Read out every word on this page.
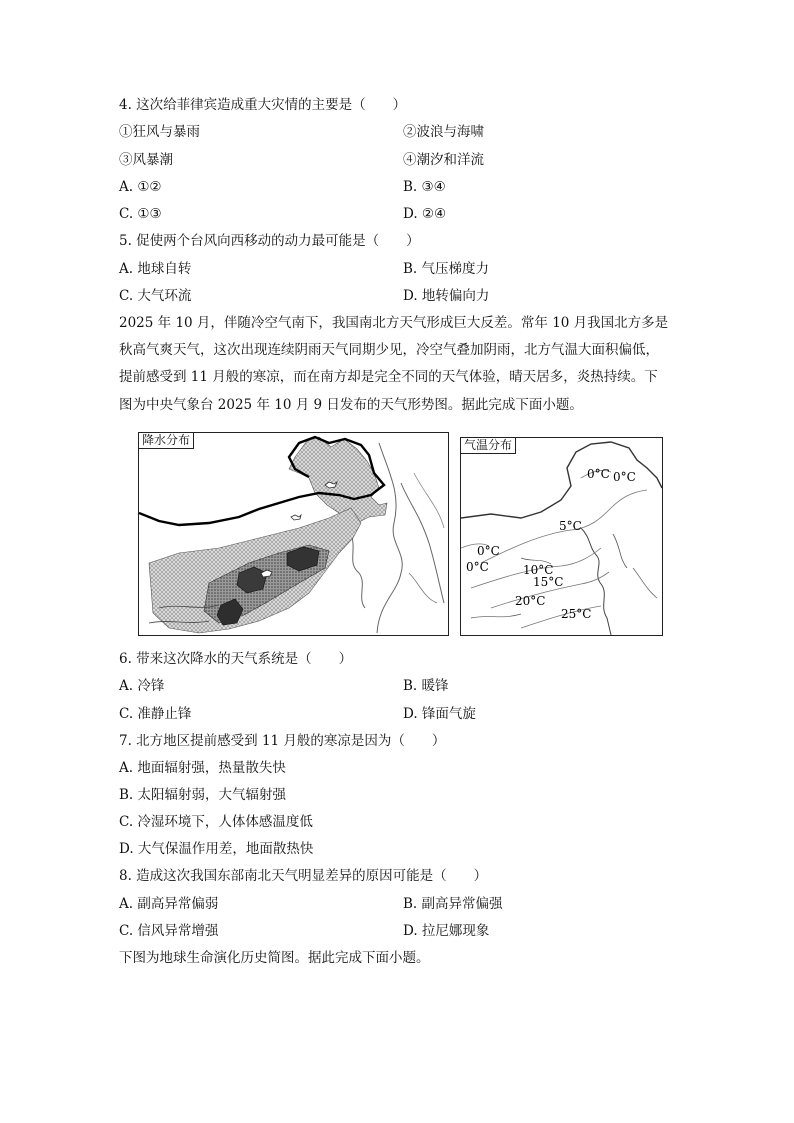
4. 这次给菲律宾造成重大灾情的主要是（　　）
①狂风与暴雨	②波浪与海啸
③风暴潮	④潮汐和洋流
A. ①②	B. ③④
C. ①③	D. ②④
5. 促使两个台风向西移动的动力最可能是（　　）
A. 地球自转	B. 气压梯度力
C. 大气环流	D. 地转偏向力
2025 年 10 月，伴随冷空气南下，我国南北方天气形成巨大反差。常年 10 月我国北方多是
秋高气爽天气，这次出现连续阴雨天气同期少见，冷空气叠加阴雨，北方气温大面积偏低，
提前感受到 11 月般的寒凉，而在南方却是完全不同的天气体验，晴天居多，炎热持续。下
图为中央气象台 2025 年 10 月 9 日发布的天气形势图。据此完成下面小题。
降水分布
0°C 0°C
5°C
0°C
0°C	10°C
15°C
20°C
25°C
气温分布
6. 带来这次降水的天气系统是（　　）
A. 冷锋	B. 暖锋
C. 准静止锋	D. 锋面气旋
7. 北方地区提前感受到 11 月般的寒凉是因为（　　）
A. 地面辐射强，热量散失快
B. 太阳辐射弱，大气辐射强
C. 冷湿环境下，人体体感温度低
D. 大气保温作用差，地面散热快
8. 造成这次我国东部南北天气明显差异的原因可能是（　　）
A. 副高异常偏弱	B. 副高异常偏强
C. 信风异常增强	D. 拉尼娜现象
下图为地球生命演化历史简图。据此完成下面小题。
